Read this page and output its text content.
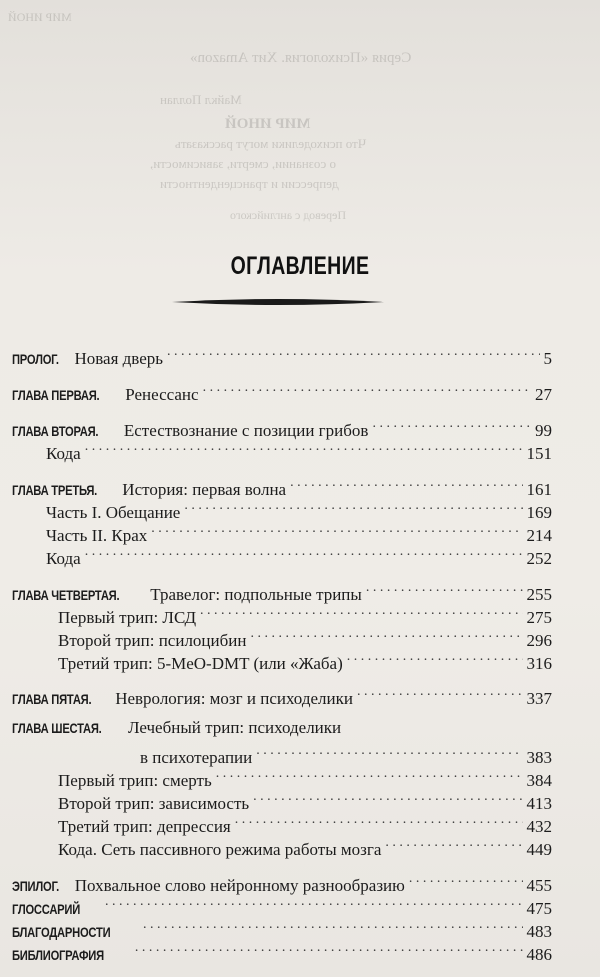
Серия «Психология. Хит Amazon»
Майкл Поллан
МИР ИНОЙ
Что психоделики могут рассказать
о сознании, смерти, зависимости,
депрессии и трансцендентности
Перевод с английского
МИР ИНОЙ
ОГЛАВЛЕНИЕ
ПРОЛОГ. Новая дверь . . .	5
ГЛАВА ПЕРВАЯ. Ренессанс . . .	27
ГЛАВА ВТОРАЯ. Естествознание с позиции грибов . . .	99
Кода . . .	151
ГЛАВА ТРЕТЬЯ. История: первая волна . . .	161
Часть I. Обещание . . .	169
Часть II. Крах . . .	214
Кода . . .	252
ГЛАВА ЧЕТВЕРТАЯ. Травелог: подпольные трипы . . .	255
Первый трип: ЛСД . . .	275
Второй трип: псилоцибин . . .	296
Третий трип: 5-MeO-DMT (или «Жаба) . . .	316
ГЛАВА ПЯТАЯ. Неврология: мозг и психоделики . . .	337
ГЛАВА ШЕСТАЯ. Лечебный трип: психоделики
в психотерапии . . .	383
Первый трип: смерть . . .	384
Второй трип: зависимость . . .	413
Третий трип: депрессия . . .	432
Кода. Сеть пассивного режима работы мозга . . .	449
ЭПИЛОГ. Похвальное слово нейронному разнообразию . . .	455
ГЛОССАРИЙ . . .	475
БЛАГОДАРНОСТИ . . .	483
БИБЛИОГРАФИЯ . . .	486
